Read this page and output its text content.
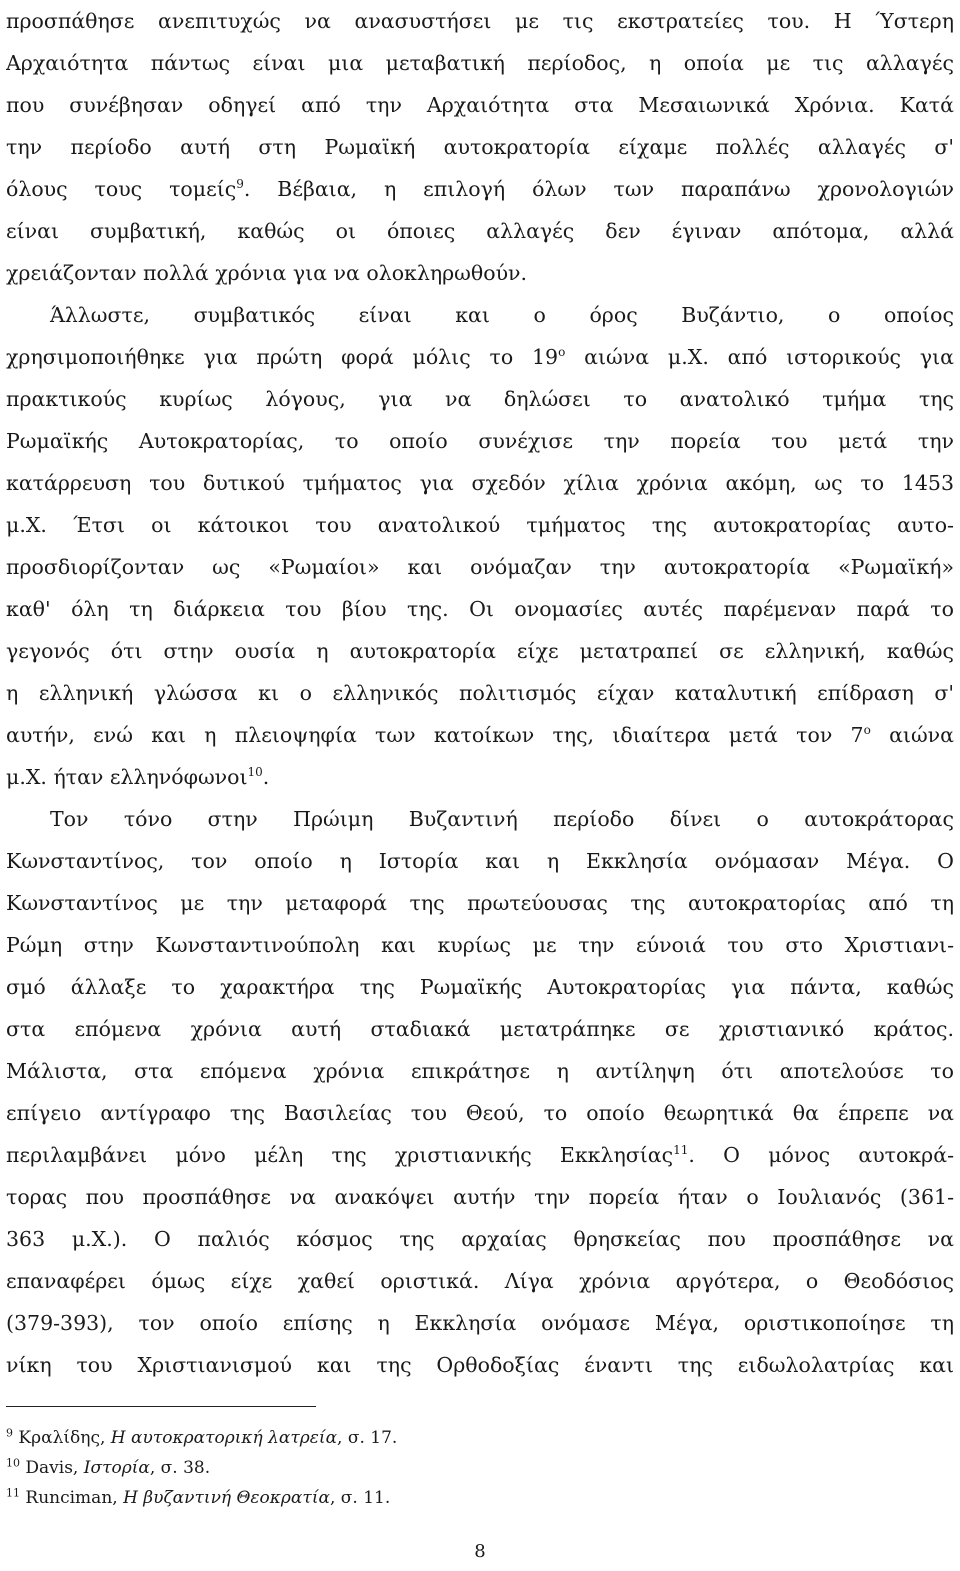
προσπάθησε ανεπιτυχώς να ανασυστήσει με τις εκστρατείες του. Η Ύστερη
Αρχαιότητα πάντως είναι μια μεταβατική περίοδος, η οποία με τις αλλαγές
που συνέβησαν οδηγεί από την Αρχαιότητα στα Μεσαιωνικά Χρόνια. Κατά
την περίοδο αυτή στη Ρωμαϊκή αυτοκρατορία είχαμε πολλές αλλαγές σ'
όλους τους τομείς$^9$. Βέβαια, η επιλογή όλων των παραπάνω χρονολογιών
είναι συμβατική, καθώς οι όποιες αλλαγές δεν έγιναν απότομα, αλλά
χρειάζονταν πολλά χρόνια για να ολοκληρωθούν.
Άλλωστε, συμβατικός είναι και ο όρος Βυζάντιο, ο οποίος
χρησιμοποιήθηκε για πρώτη φορά μόλις το $19^o$ αιώνα μ.Χ. από ιστορικούς για
πρακτικούς κυρίως λόγους, για να δηλώσει το ανατολικό τμήμα της
Ρωμαϊκής Αυτοκρατορίας, το οποίο συνέχισε την πορεία του μετά την
κατάρρευση του δυτικού τμήματος για σχεδόν χίλια χρόνια ακόμη, ως το 1453
μ.Χ. Έτσι οι κάτοικοι του ανατολικού τμήματος της αυτοκρατορίας αυτο-
προσδιορίζονταν ως «Ρωμαίοι» και ονόμαζαν την αυτοκρατορία «Ρωμαϊκή»
καθ' όλη τη διάρκεια του βίου της. Οι ονομασίες αυτές παρέμεναν παρά το
γεγονός ότι στην ουσία η αυτοκρατορία είχε μετατραπεί σε ελληνική, καθώς
η ελληνική γλώσσα κι ο ελληνικός πολιτισμός είχαν καταλυτική επίδραση σ'
αυτήν, ενώ και η πλειοψηφία των κατοίκων της, ιδιαίτερα μετά τον $7^o$ αιώνα
μ.Χ. ήταν ελληνόφωνοι$^{10}$.
Τον τόνο στην Πρώιμη Βυζαντινή περίοδο δίνει ο αυτοκράτορας
Κωνσταντίνος, τον οποίο η Ιστορία και η Εκκλησία ονόμασαν Μέγα. Ο
Κωνσταντίνος με την μεταφορά της πρωτεύουσας της αυτοκρατορίας από τη
Ρώμη στην Κωνσταντινούπολη και κυρίως με την εύνοιά του στο Χριστιανι-
σμό άλλαξε το χαρακτήρα της Ρωμαϊκής Αυτοκρατορίας για πάντα, καθώς
στα επόμενα χρόνια αυτή σταδιακά μετατράπηκε σε χριστιανικό κράτος.
Μάλιστα, στα επόμενα χρόνια επικράτησε η αντίληψη ότι αποτελούσε το
επίγειο αντίγραφο της Βασιλείας του Θεού, το οποίο θεωρητικά θα έπρεπε να
περιλαμβάνει μόνο μέλη της χριστιανικής Εκκλησίας$^{11}$. Ο μόνος αυτοκρά-
τορας που προσπάθησε να ανακόψει αυτήν την πορεία ήταν ο Ιουλιανός (361-
363 μ.Χ.). Ο παλιός κόσμος της αρχαίας θρησκείας που προσπάθησε να
επαναφέρει όμως είχε χαθεί οριστικά. Λίγα χρόνια αργότερα, ο Θεοδόσιος
(379-393), τον οποίο επίσης η Εκκλησία ονόμασε Μέγα, οριστικοποίησε τη
νίκη του Χριστιανισμού και της Ορθοδοξίας έναντι της ειδωλολατρίας και
$^9$ Κραλίδης, Η αυτοκρατορική λατρεία, σ. 17.
$^{10}$ Davis, Ιστορία, σ. 38.
$^{11}$ Runciman, Η βυζαντινή Θεοκρατία, σ. 11.
8
